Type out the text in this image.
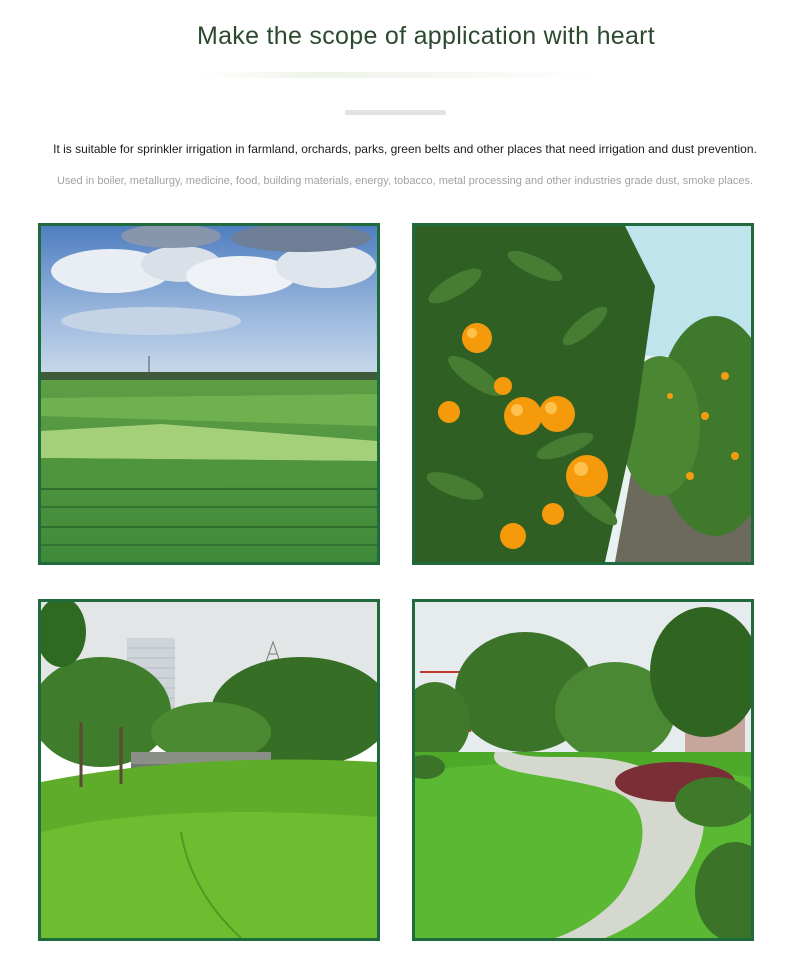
Make the scope of application with heart
It is suitable for sprinkler irrigation in farmland, orchards, parks, green belts and other places that need irrigation and dust prevention.
Used in boiler, metallurgy, medicine, food, building materials, energy, tobacco, metal processing and other industries grade dust, smoke places.
